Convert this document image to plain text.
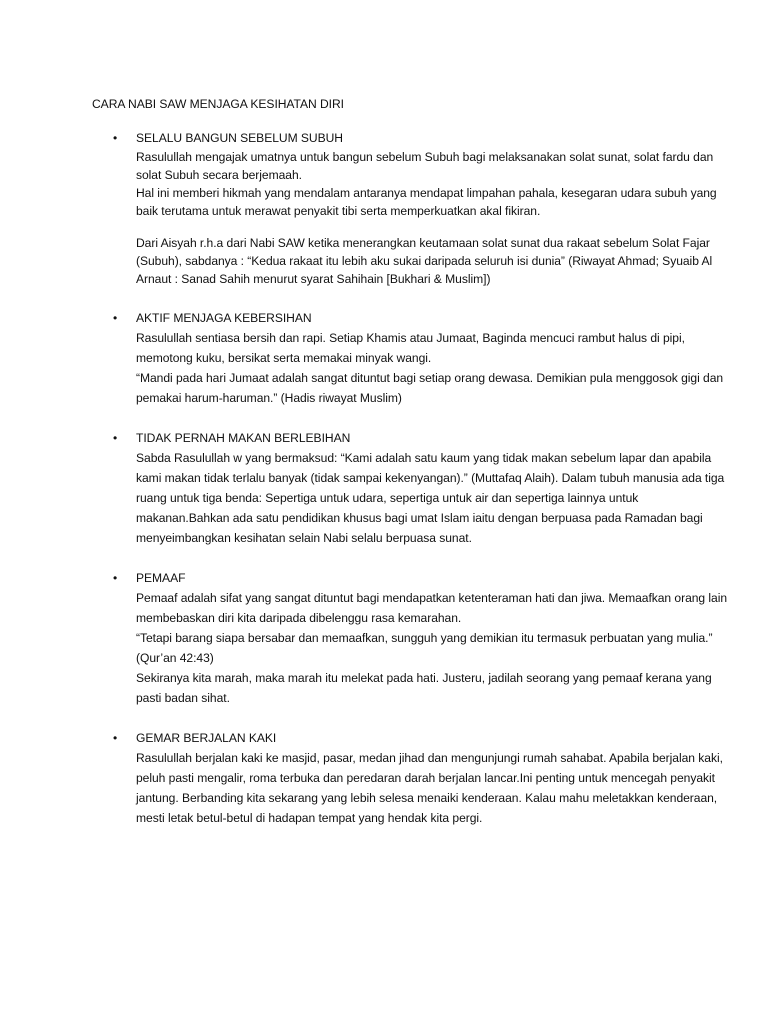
CARA NABI SAW MENJAGA KESIHATAN DIRI
• SELALU BANGUN SEBELUM SUBUH

Rasulullah mengajak umatnya untuk bangun sebelum Subuh bagi melaksanakan solat sunat, solat fardu dan solat Subuh secara berjemaah.

Hal ini memberi hikmah yang mendalam antaranya mendapat limpahan pahala, kesegaran udara subuh yang baik terutama untuk merawat penyakit tibi serta memperkuatkan akal fikiran.

Dari Aisyah r.h.a dari Nabi SAW ketika menerangkan keutamaan solat sunat dua rakaat sebelum Solat Fajar (Subuh), sabdanya : “Kedua rakaat itu lebih aku sukai daripada seluruh isi dunia” (Riwayat Ahmad; Syuaib Al Arnaut : Sanad Sahih menurut syarat Sahihain [Bukhari & Muslim])

• AKTIF MENJAGA KEBERSIHAN

Rasulullah sentiasa bersih dan rapi. Setiap Khamis atau Jumaat, Baginda mencuci rambut halus di pipi, memotong kuku, bersikat serta memakai minyak wangi.

“Mandi pada hari Jumaat adalah sangat dituntut bagi setiap orang dewasa. Demikian pula menggosok gigi dan pemakai harum-haruman.” (Hadis riwayat Muslim)

• TIDAK PERNAH MAKAN BERLEBIHAN

Sabda Rasulullah w yang bermaksud: “Kami adalah satu kaum yang tidak makan sebelum lapar dan apabila kami makan tidak terlalu banyak (tidak sampai kekenyangan).” (Muttafaq Alaih). Dalam tubuh manusia ada tiga ruang untuk tiga benda: Sepertiga untuk udara, sepertiga untuk air dan sepertiga lainnya untuk makanan.Bahkan ada satu pendidikan khusus bagi umat Islam iaitu dengan berpuasa pada Ramadan bagi menyeimbangkan kesihatan selain Nabi selalu berpuasa sunat.

• PEMAAF

Pemaaf adalah sifat yang sangat dituntut bagi mendapatkan ketenteraman hati dan jiwa. Memaafkan orang lain membebaskan diri kita daripada dibelenggu rasa kemarahan.

“Tetapi barang siapa bersabar dan memaafkan, sungguh yang demikian itu termasuk perbuatan yang mulia.” (Qur’an 42:43)

Sekiranya kita marah, maka marah itu melekat pada hati. Justeru, jadilah seorang yang pemaaf kerana yang pasti badan sihat.

• GEMAR BERJALAN KAKI

Rasulullah berjalan kaki ke masjid, pasar, medan jihad dan mengunjungi rumah sahabat. Apabila berjalan kaki, peluh pasti mengalir, roma terbuka dan peredaran darah berjalan lancar.Ini penting untuk mencegah penyakit jantung. Berbanding kita sekarang yang lebih selesa menaiki kenderaan. Kalau mahu meletakkan kenderaan, mesti letak betul-betul di hadapan tempat yang hendak kita pergi.
